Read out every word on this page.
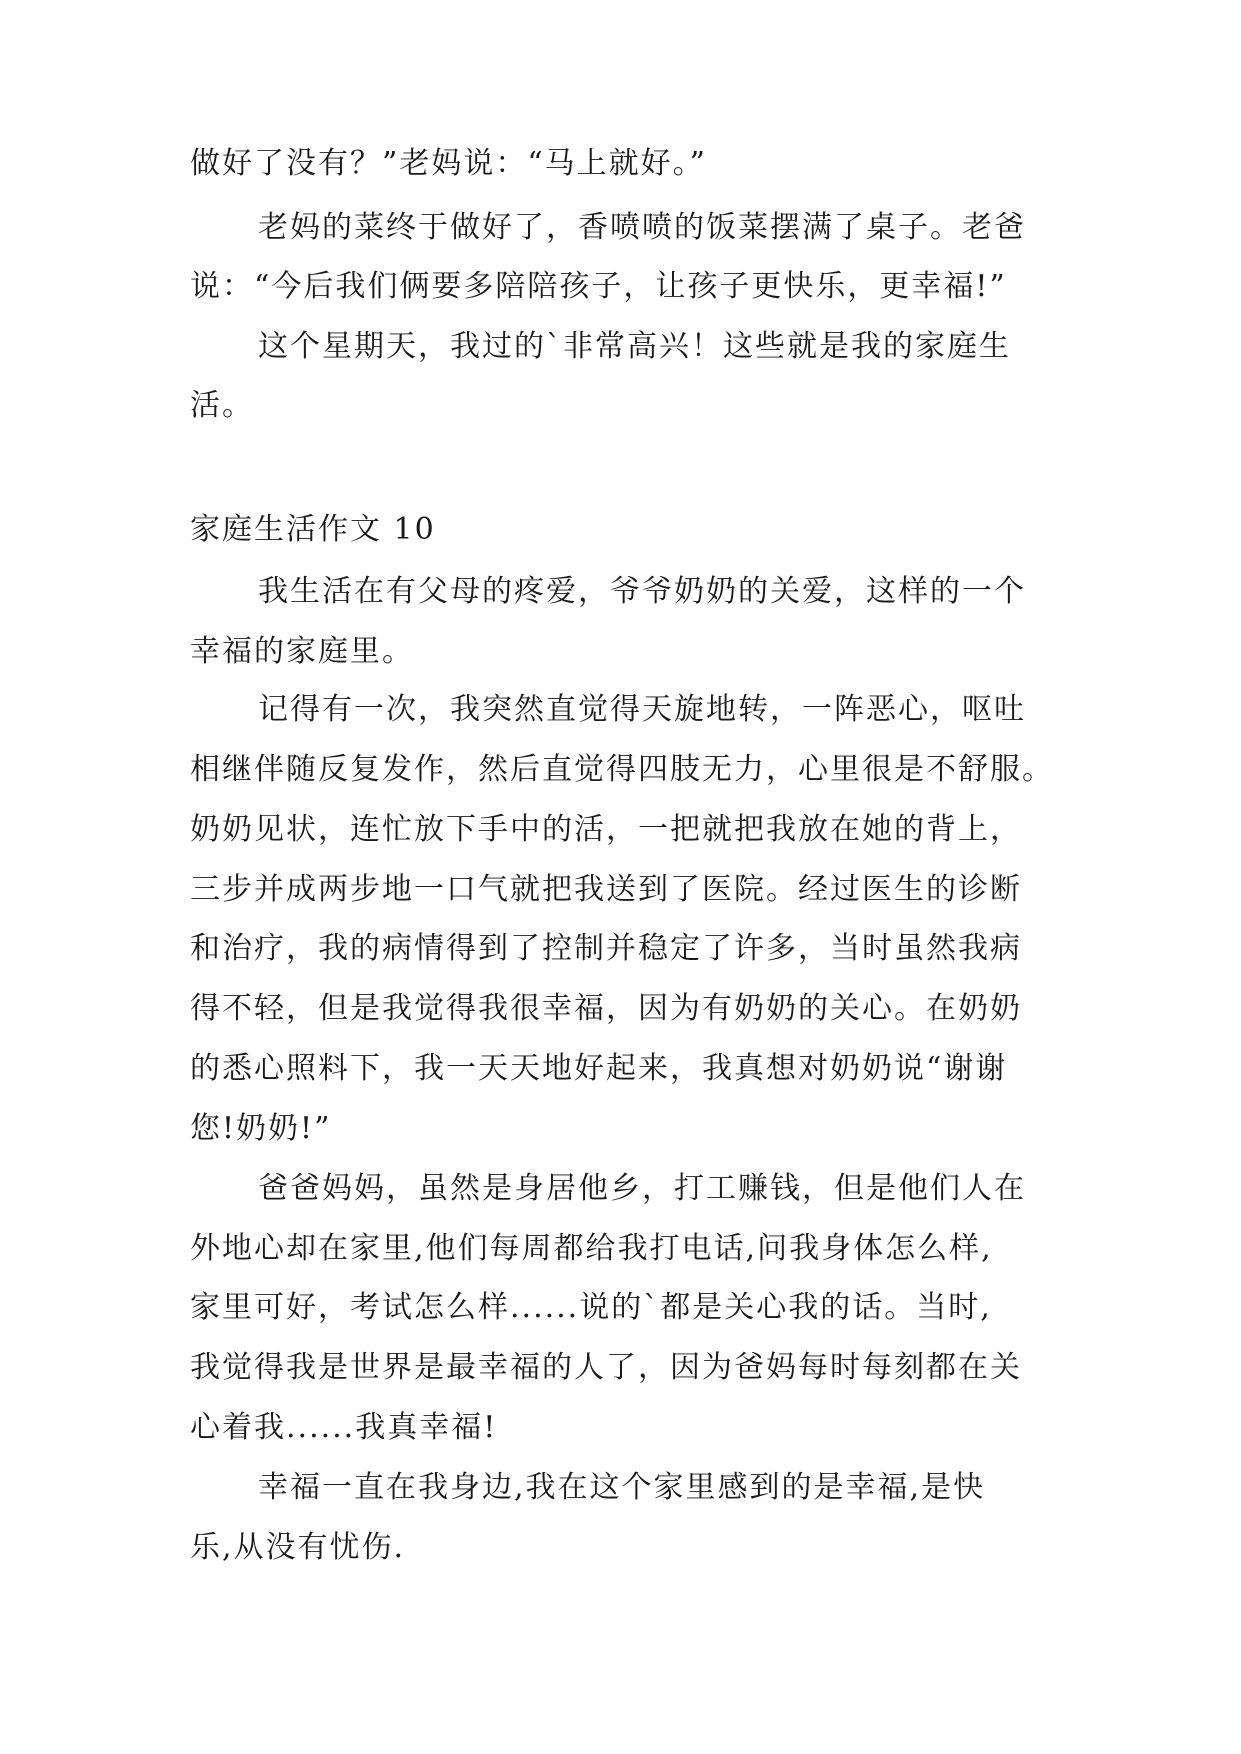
做好了没有？”老妈说：“马上就好。”
老妈的菜终于做好了，香喷喷的饭菜摆满了桌子。老爸
说：“今后我们俩要多陪陪孩子，让孩子更快乐，更幸福!”
这个星期天，我过的`非常高兴！这些就是我的家庭生
活。
家庭生活作文 10
我生活在有父母的疼爱，爷爷奶奶的关爱，这样的一个
幸福的家庭里。
记得有一次，我突然直觉得天旋地转，一阵恶心，呕吐
相继伴随反复发作，然后直觉得四肢无力，心里很是不舒服。
奶奶见状，连忙放下手中的活，一把就把我放在她的背上，
三步并成两步地一口气就把我送到了医院。经过医生的诊断
和治疗，我的病情得到了控制并稳定了许多，当时虽然我病
得不轻，但是我觉得我很幸福，因为有奶奶的关心。在奶奶
的悉心照料下，我一天天地好起来，我真想对奶奶说“谢谢
您!奶奶!”
爸爸妈妈，虽然是身居他乡，打工赚钱，但是他们人在
外地心却在家里,他们每周都给我打电话,问我身体怎么样,
家里可好，考试怎么样......说的`都是关心我的话。当时,
我觉得我是世界是最幸福的人了，因为爸妈每时每刻都在关
心着我......我真幸福!
幸福一直在我身边,我在这个家里感到的是幸福,是快
乐,从没有忧伤.
